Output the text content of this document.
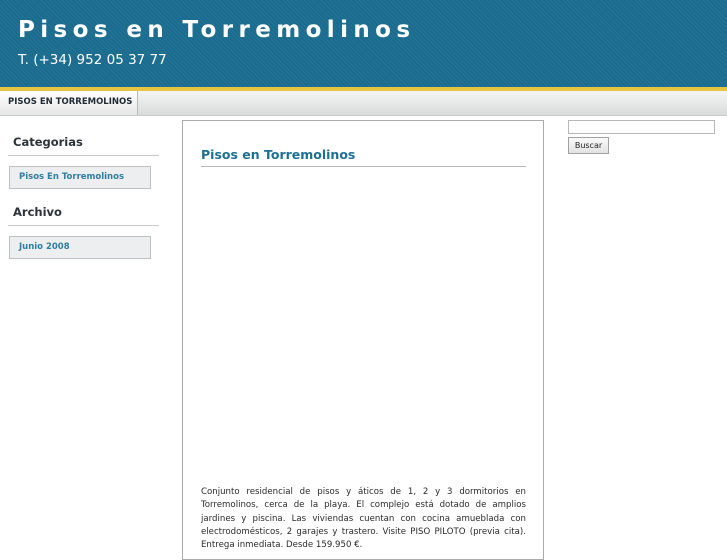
Pisos en Torremolinos
T. (+34) 952 05 37 77
PISOS EN TORREMOLINOS
Categorias
Pisos En Torremolinos
Archivo
Junio 2008
Pisos en Torremolinos
Conjunto residencial de pisos y áticos de 1, 2 y 3 dormitorios en Torremolinos, cerca de la playa. El complejo está dotado de amplios jardines y piscina. Las viviendas cuentan con cocina amueblada con electrodomésticos, 2 garajes y trastero. Visite PISO PILOTO (previa cita). Entrega inmediata. Desde 159.950 €.
Buscar
